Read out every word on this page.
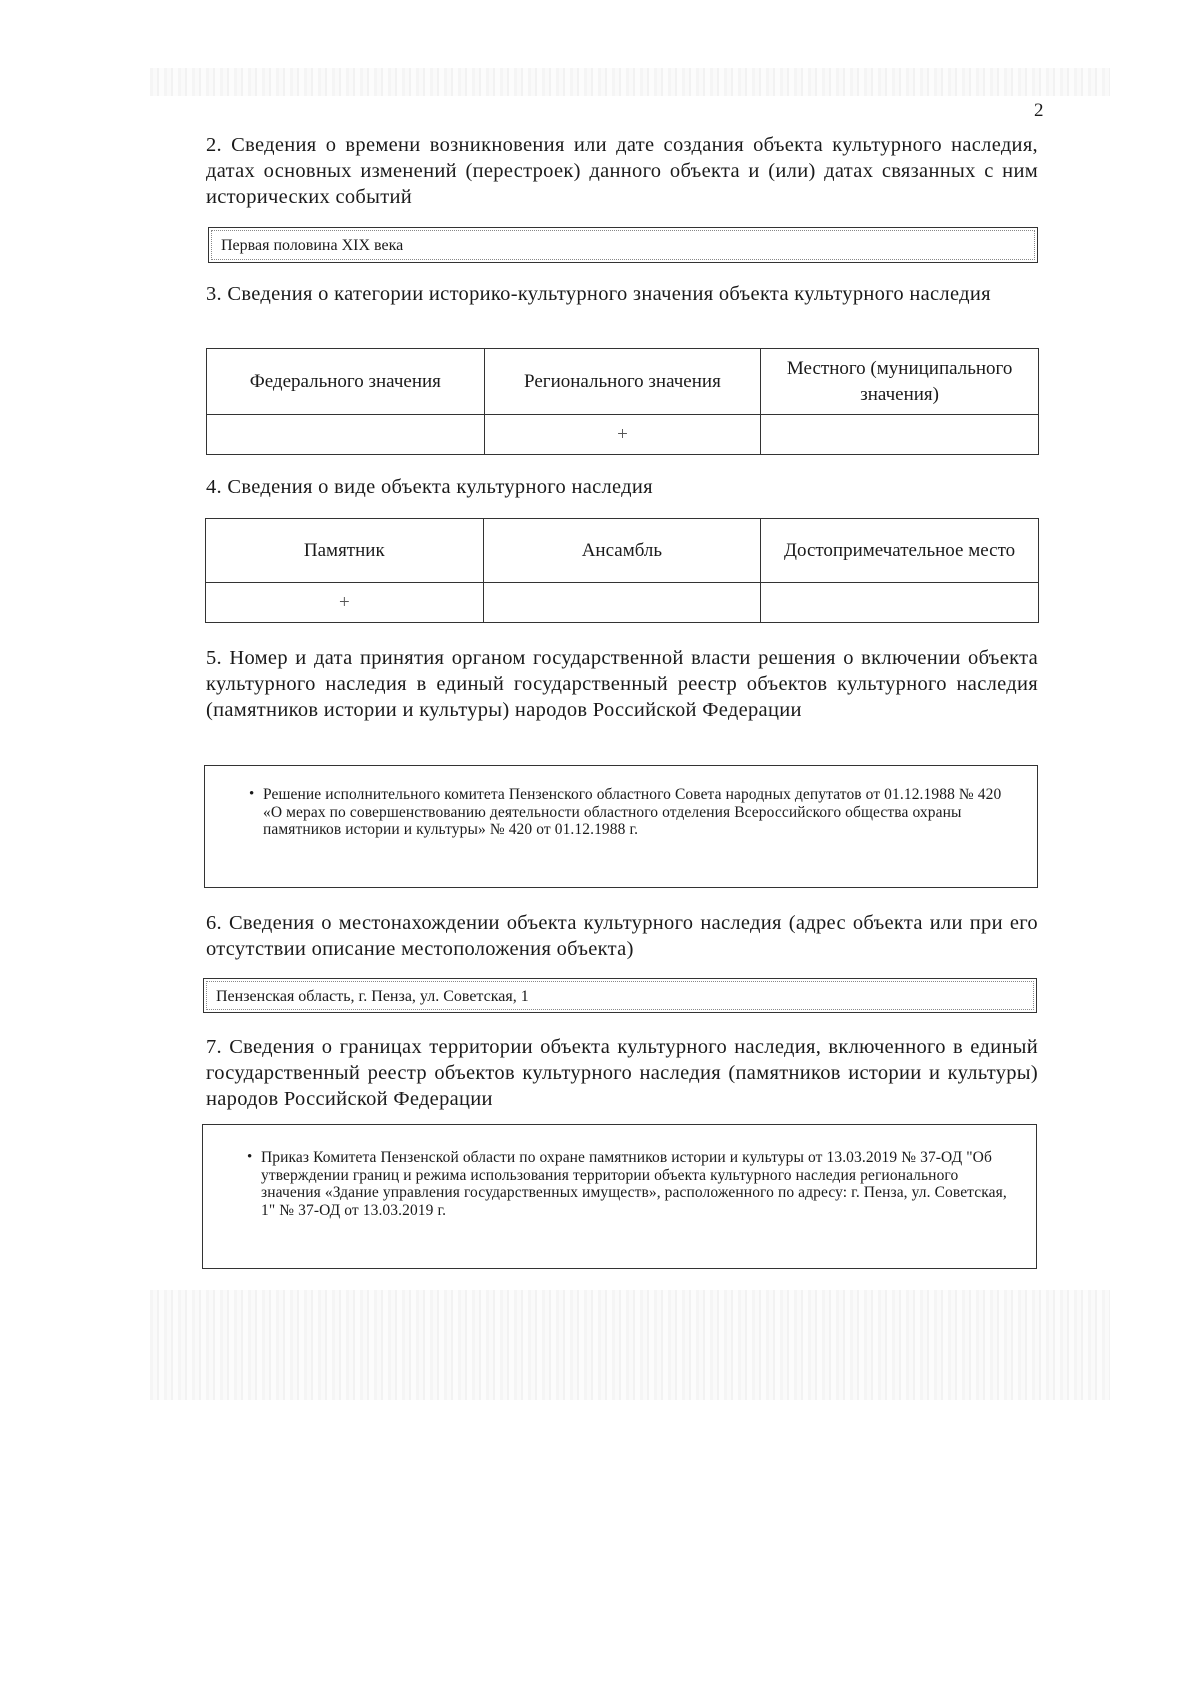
2
2. Сведения о времени возникновения или дате создания объекта культурного наследия, датах основных изменений (перестроек) данного объекта и (или) датах связанных с ним исторических событий
Первая половина XIX века
3. Сведения о категории историко-культурного значения объекта культурного наследия
Федерального значения	Регионального значения	Местного (муниципального значения)
	+	
4. Сведения о виде объекта культурного наследия
Памятник	Ансамбль	Достопримечательное место
+		
5. Номер и дата принятия органом государственной власти решения о включении объекта культурного наследия в единый государственный реестр объектов культурного наследия (памятников истории и культуры) народов Российской Федерации
• Решение исполнительного комитета Пензенского областного Совета народных депутатов от 01.12.1988 № 420 «О мерах по совершенствованию деятельности областного отделения Всероссийского общества охраны памятников истории и культуры» № 420 от 01.12.1988 г.
6. Сведения о местонахождении объекта культурного наследия (адрес объекта или при его отсутствии описание местоположения объекта)
Пензенская область, г. Пенза, ул. Советская, 1
7. Сведения о границах территории объекта культурного наследия, включенного в единый государственный реестр объектов культурного наследия (памятников истории и культуры) народов Российской Федерации
• Приказ Комитета Пензенской области по охране памятников истории и культуры от 13.03.2019 № 37-ОД "Об утверждении границ и режима использования территории объекта культурного наследия регионального значения «Здание управления государственных имуществ», расположенного по адресу: г. Пенза, ул. Советская, 1" № 37-ОД от 13.03.2019 г.
